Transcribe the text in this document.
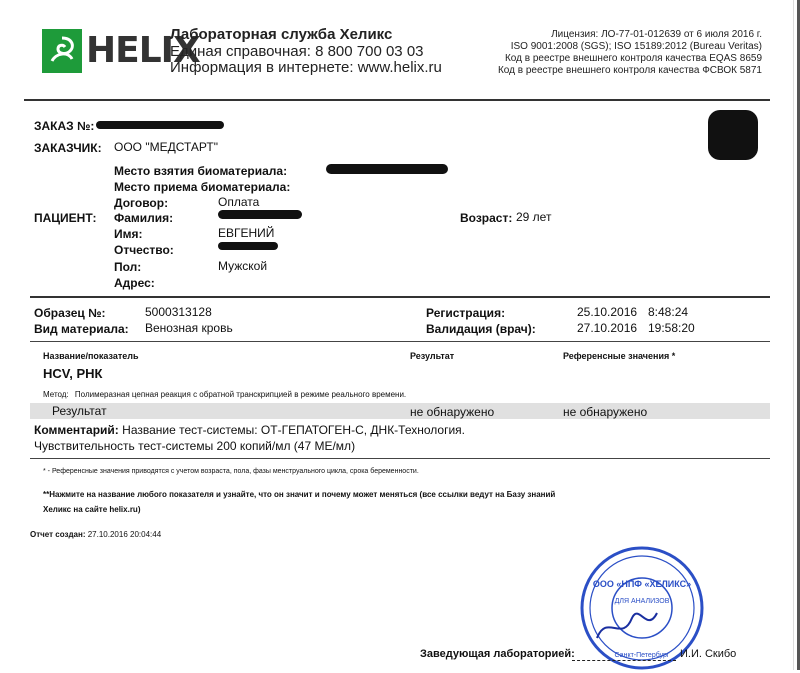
HELIX
Лабораторная служба Хеликс
Единая справочная: 8 800 700 03 03
Информация в интернете: www.helix.ru
Лицензия: ЛО-77-01-012639 от 6 июля 2016 г.
ISO 9001:2008 (SGS); ISO 15189:2012 (Bureau Veritas)
Код в реестре внешнего контроля качества EQAS 8659
Код в реестре внешнего контроля качества ФСВОК 5871
ЗАКАЗ №:
ЗАКАЗЧИК: ООО "МЕДСТАРТ"
Место взятия биоматериала:
Место приема биоматериала:
Договор:	Оплата
ПАЦИЕНТ: Фамилия:	Возраст: 29 лет
Имя:	ЕВГЕНИЙ
Отчество:
Пол:	Мужской
Адрес:
Образец №:	5000313128
Вид материала: Венозная кровь
Регистрация:	25.10.2016 8:48:24
Валидация (врач):	27.10.2016 19:58:20
Название/показатель	Результат	Референсные значения *
HCV, РНК
Метод: Полимеразная цепная реакция с обратной транскрипцией в режиме реального времени.
Результат	не обнаружено	не обнаружено
Комментарий: Название тест-системы: ОТ-ГЕПАТОГЕН-С, ДНК-Технология.
Чувствительность тест-системы 200 копий/мл (47 МЕ/мл)
* - Референсные значения приводятся с учетом возраста, пола, фазы менструального цикла, срока беременности.
**Нажмите на название любого показателя и узнайте, что он значит и почему может меняться (все ссылки ведут на Базу знаний
Хеликс на сайте helix.ru)
Отчет создан: 27.10.2016 20:04:44
ООО «НПФ «ХЕЛИКС»
ДЛЯ АНАЛИЗОВ
Санкт-Петербург
Заведующая лабораторией:	И.И. Скибо
